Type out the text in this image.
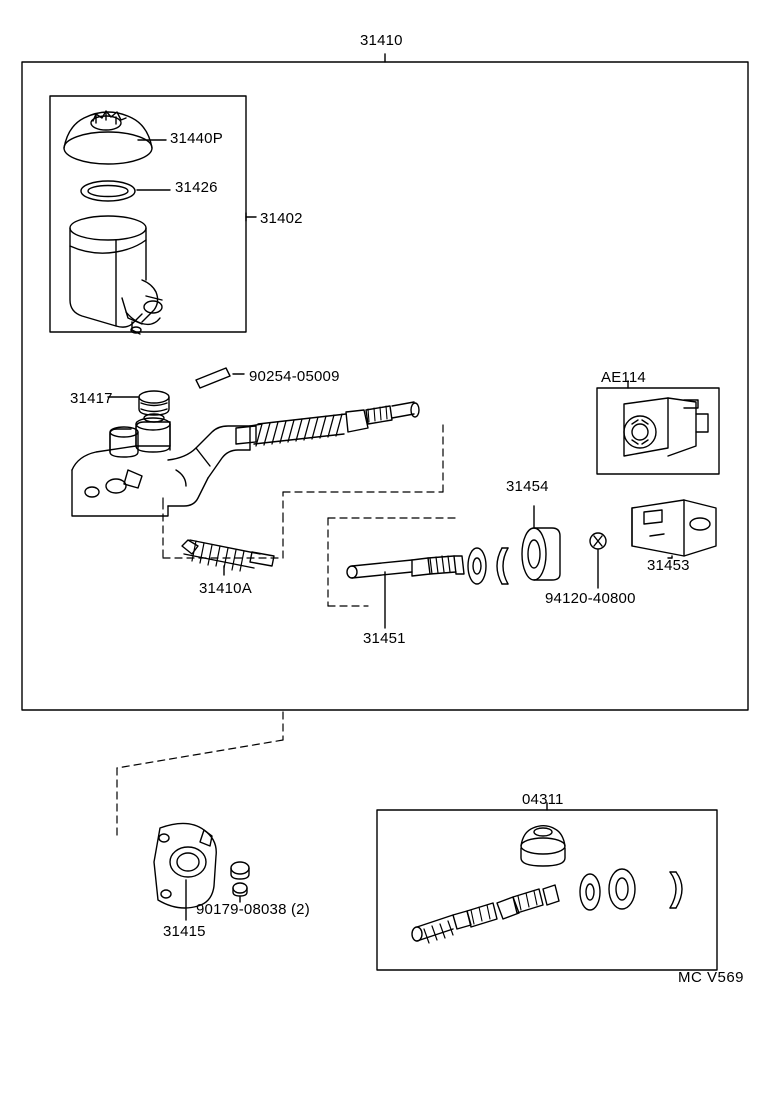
31410
31440P
31426
31402
31417
90254-05009
31410A
31451
31454
94120-40800
AE114
31453
31415
90179-08038 (2)
04311
MC V569
